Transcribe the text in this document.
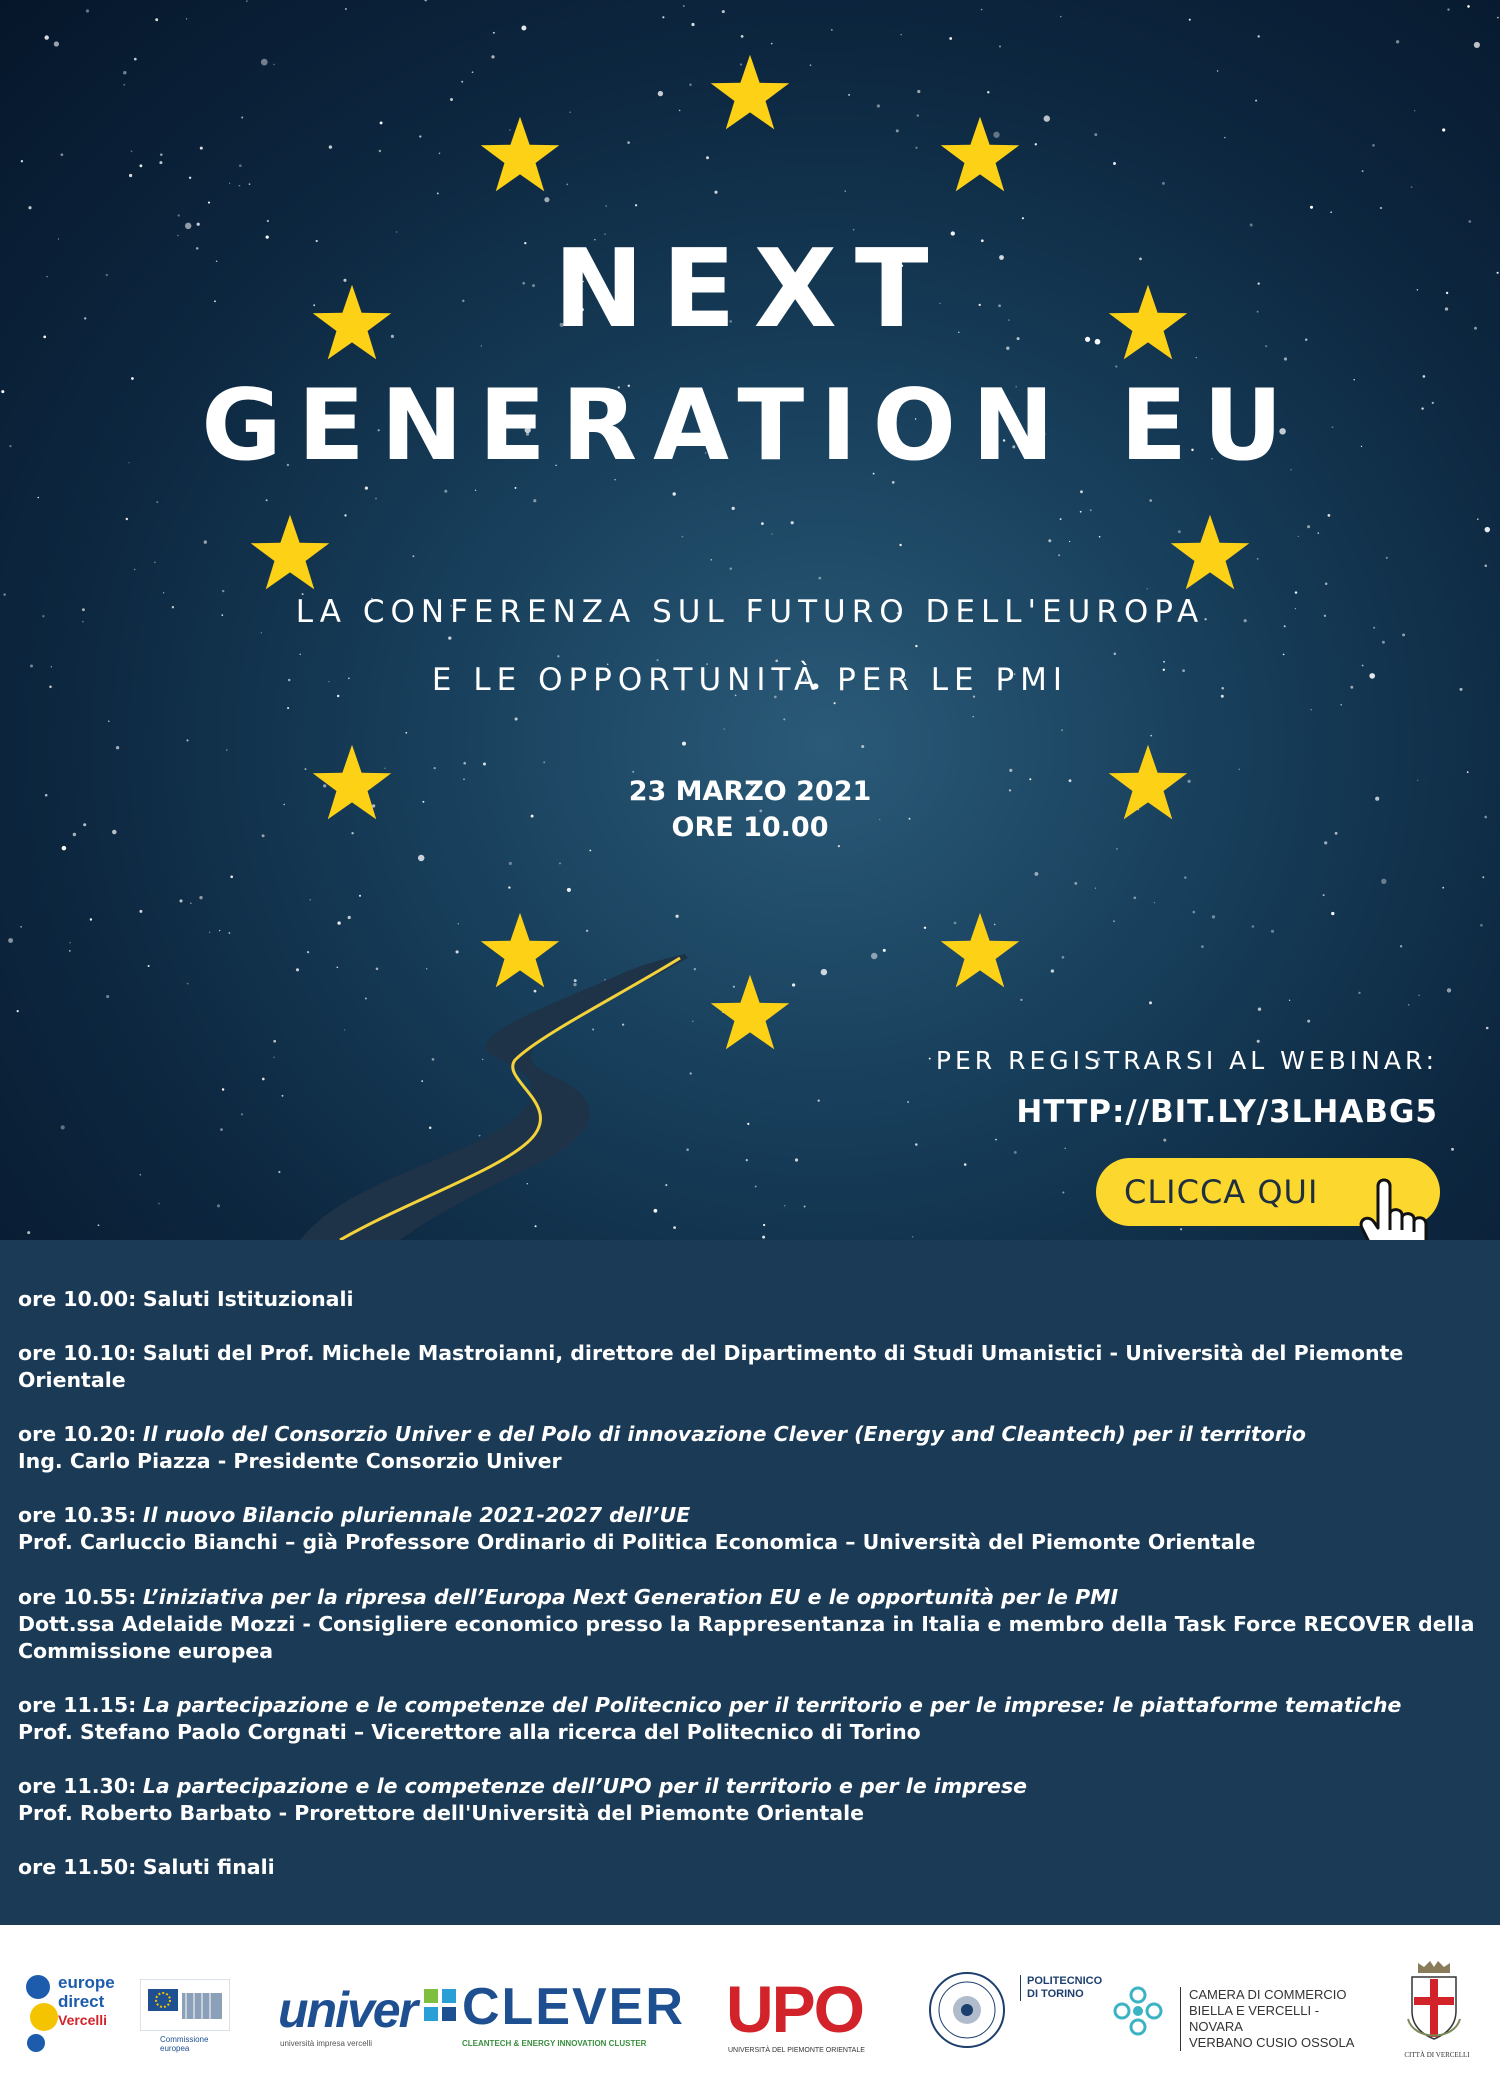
NEXT
GENERATION EU
LA CONFERENZA SUL FUTURO DELL'EUROPA
E LE OPPORTUNITÀ PER LE PMI
23 MARZO 2021
ORE 10.00
PER REGISTRARSI AL WEBINAR:
HTTP://BIT.LY/3LHABG5
CLICCA QUI
ore 10.00: Saluti Istituzionali
ore 10.10: Saluti del Prof. Michele Mastroianni, direttore del Dipartimento di Studi Umanistici - Università del Piemonte Orientale
ore 10.20: Il ruolo del Consorzio Univer e del Polo di innovazione Clever (Energy and Cleantech) per il territorio
Ing. Carlo Piazza - Presidente Consorzio Univer
ore 10.35: Il nuovo Bilancio pluriennale 2021-2027 dell’UE
Prof. Carluccio Bianchi – già Professore Ordinario di Politica Economica – Università del Piemonte Orientale
ore 10.55: L’iniziativa per la ripresa dell’Europa Next Generation EU e le opportunità per le PMI
Dott.ssa Adelaide Mozzi - Consigliere economico presso la Rappresentanza in Italia e membro della Task Force RECOVER della Commissione europea
ore 11.15: La partecipazione e le competenze del Politecnico per il territorio e per le imprese: le piattaforme tematiche
Prof. Stefano Paolo Corgnati – Vicerettore alla ricerca del Politecnico di Torino
ore 11.30: La partecipazione e le competenze dell’UPO per il territorio e per le imprese
Prof. Roberto Barbato - Prorettore dell'Università del Piemonte Orientale
ore 11.50: Saluti finali
europe
direct
Vercelli
Commissione
europea
univer
università impresa vercelli
CLEVER
CLEANTECH & ENERGY INNOVATION CLUSTER UPO
UNIVERSITÀ DEL PIEMONTE ORIENTALE
POLITECNICO
DI TORINO	CAMERA DI COMMERCIO
BIELLA E VERCELLI - NOVARA
VERBANO CUSIO OSSOLA
CITTÀ DI VERCELLI
